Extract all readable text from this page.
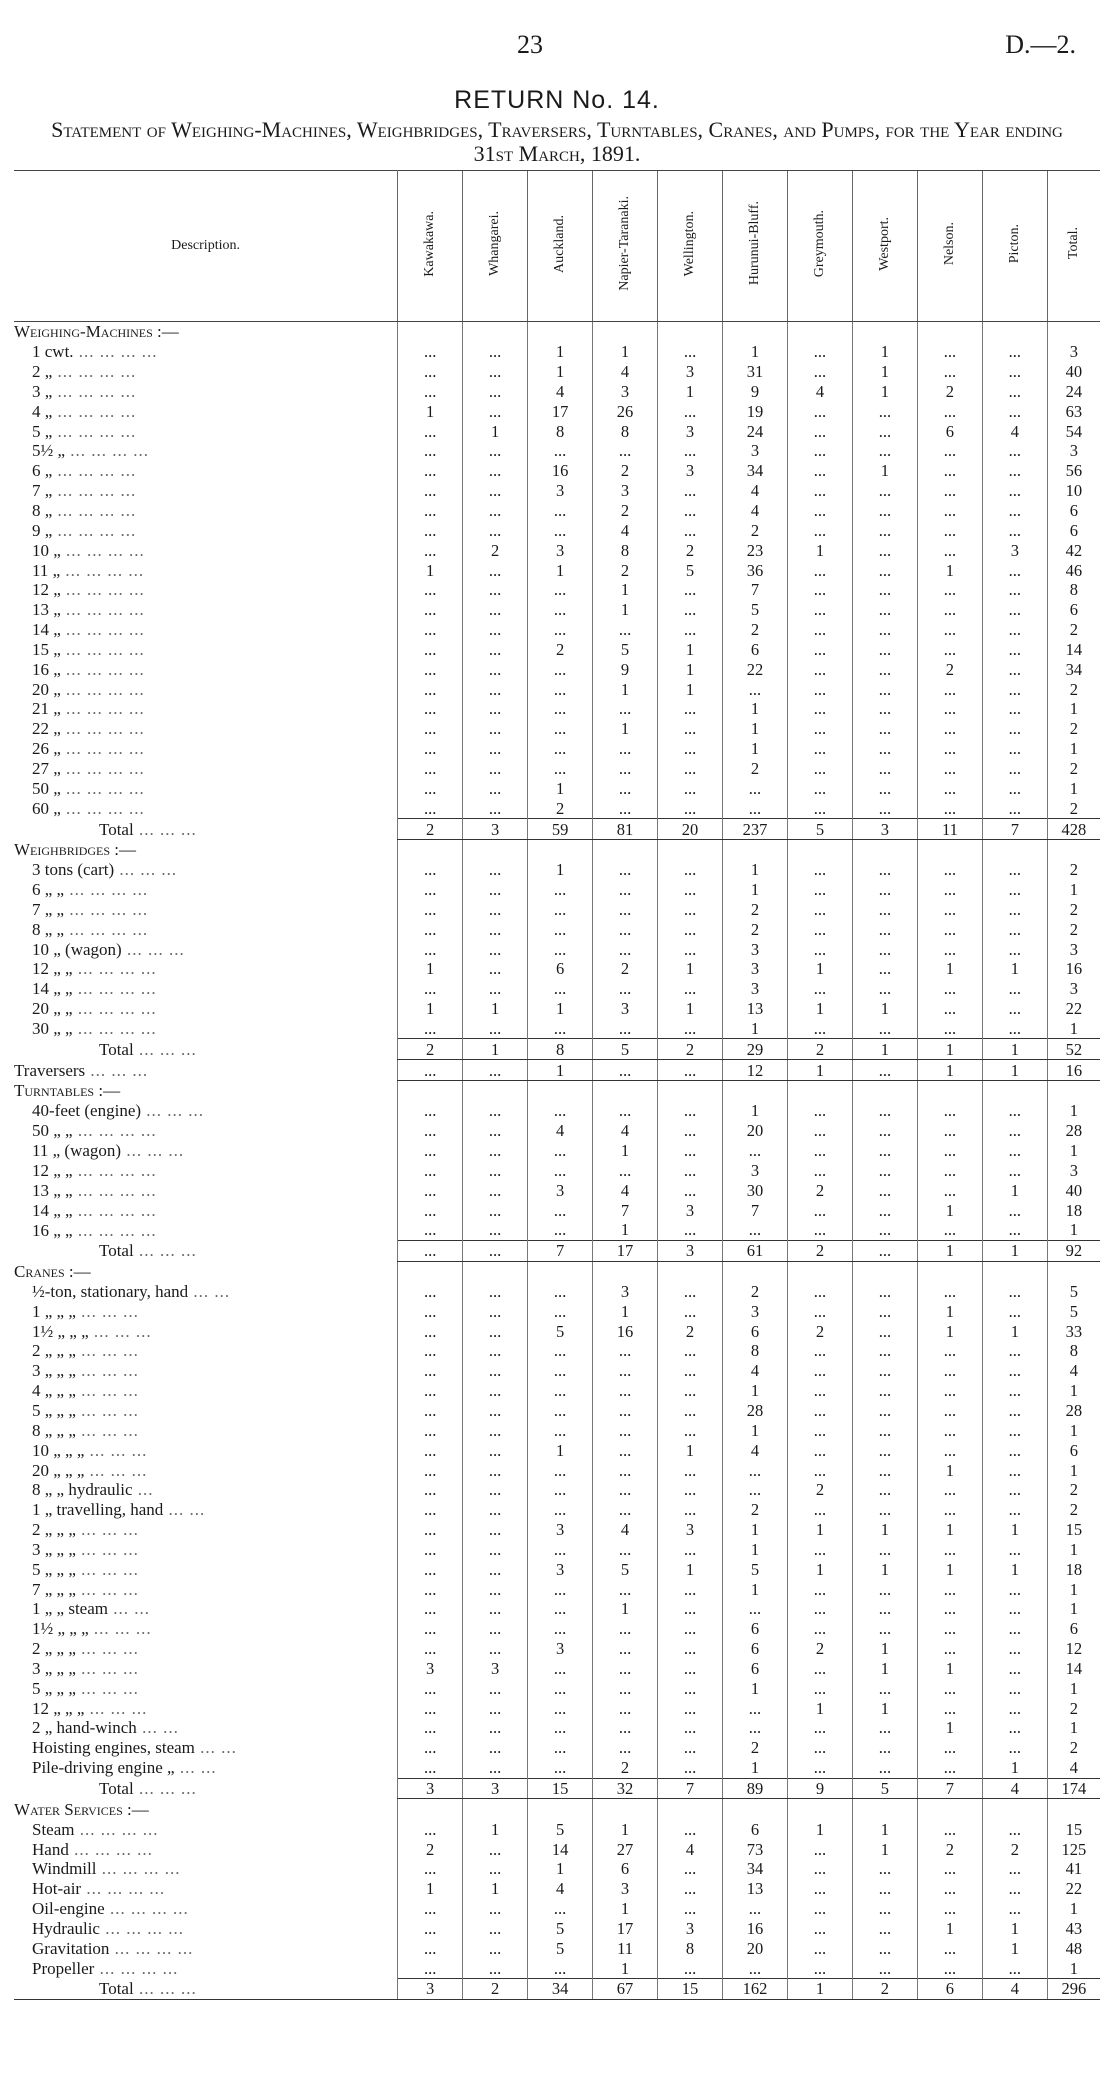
23	D.—2.
RETURN No. 14.
Statement of Weighing-Machines, Weighbridges, Traversers, Turntables, Cranes, and Pumps, for the Year ending 31st March, 1891.
Description.	Kawakawa.	Whangarei.	Auckland.	Napier-Taranaki.	Wellington.	Hurunui-Bluff.	Greymouth.	Westport.	Nelson.	Picton.	Total.
Weighing-Machines :—											
1 cwt. ... ... ... ...	...	...	1	1	...	1	...	1	...	...	3
2 „ ... ... ... ...	...	...	1	4	3	31	...	1	...	...	40
3 „ ... ... ... ...	...	...	4	3	1	9	4	1	2	...	24
4 „ ... ... ... ...	1	...	17	26	...	19	...	...	...	...	63
5 „ ... ... ... ...	...	1	8	8	3	24	...	...	6	4	54
5½ „ ... ... ... ...	...	...	...	...	...	3	...	...	...	...	3
6 „ ... ... ... ...	...	...	16	2	3	34	...	1	...	...	56
7 „ ... ... ... ...	...	...	3	3	...	4	...	...	...	...	10
8 „ ... ... ... ...	...	...	...	2	...	4	...	...	...	...	6
9 „ ... ... ... ...	...	...	...	4	...	2	...	...	...	...	6
10 „ ... ... ... ...	...	2	3	8	2	23	1	...	...	3	42
11 „ ... ... ... ...	1	...	1	2	5	36	...	...	1	...	46
12 „ ... ... ... ...	...	...	...	1	...	7	...	...	...	...	8
13 „ ... ... ... ...	...	...	...	1	...	5	...	...	...	...	6
14 „ ... ... ... ...	...	...	...	...	...	2	...	...	...	...	2
15 „ ... ... ... ...	...	...	2	5	1	6	...	...	...	...	14
16 „ ... ... ... ...	...	...	...	9	1	22	...	...	2	...	34
20 „ ... ... ... ...	...	...	...	1	1	...	...	...	...	...	2
21 „ ... ... ... ...	...	...	...	...	...	1	...	...	...	...	1
22 „ ... ... ... ...	...	...	...	1	...	1	...	...	...	...	2
26 „ ... ... ... ...	...	...	...	...	...	1	...	...	...	...	1
27 „ ... ... ... ...	...	...	...	...	...	2	...	...	...	...	2
50 „ ... ... ... ...	...	...	1	...	...	...	...	...	...	...	1
60 „ ... ... ... ...	...	...	2	...	...	...	...	...	...	...	2
Total ... ... ...	2	3	59	81	20	237	5	3	11	7	428
Weighbridges :—											
3 tons (cart) ... ... ...	...	...	1	...	...	1	...	...	...	...	2
6 „ „ ... ... ... ...	...	...	...	...	...	1	...	...	...	...	1
7 „ „ ... ... ... ...	...	...	...	...	...	2	...	...	...	...	2
8 „ „ ... ... ... ...	...	...	...	...	...	2	...	...	...	...	2
10 „ (wagon) ... ... ...	...	...	...	...	...	3	...	...	...	...	3
12 „ „ ... ... ... ...	1	...	6	2	1	3	1	...	1	1	16
14 „ „ ... ... ... ...	...	...	...	...	...	3	...	...	...	...	3
20 „ „ ... ... ... ...	1	1	1	3	1	13	1	1	...	...	22
30 „ „ ... ... ... ...	...	...	...	...	...	1	...	...	...	...	1
Total ... ... ...	2	1	8	5	2	29	2	1	1	1	52
Traversers ... ... ...	...	...	1	...	...	12	1	...	1	1	16
Turntables :—											
40-feet (engine) ... ... ...	...	...	...	...	...	1	...	...	...	...	1
50 „ „ ... ... ... ...	...	...	4	4	...	20	...	...	...	...	28
11 „ (wagon) ... ... ...	...	...	...	1	...	...	...	...	...	...	1
12 „ „ ... ... ... ...	...	...	...	...	...	3	...	...	...	...	3
13 „ „ ... ... ... ...	...	...	3	4	...	30	2	...	...	1	40
14 „ „ ... ... ... ...	...	...	...	7	3	7	...	...	1	...	18
16 „ „ ... ... ... ...	...	...	...	1	...	...	...	...	...	...	1
Total ... ... ...	...	...	7	17	3	61	2	...	1	1	92
Cranes :—											
½-ton, stationary, hand ... ...	...	...	...	3	...	2	...	...	...	...	5
1 „ „ „ ... ... ...	...	...	...	1	...	3	...	...	1	...	5
1½ „ „ „ ... ... ...	...	...	5	16	2	6	2	...	1	1	33
2 „ „ „ ... ... ...	...	...	...	...	...	8	...	...	...	...	8
3 „ „ „ ... ... ...	...	...	...	...	...	4	...	...	...	...	4
4 „ „ „ ... ... ...	...	...	...	...	...	1	...	...	...	...	1
5 „ „ „ ... ... ...	...	...	...	...	...	28	...	...	...	...	28
8 „ „ „ ... ... ...	...	...	...	...	...	1	...	...	...	...	1
10 „ „ „ ... ... ...	...	...	1	...	1	4	...	...	...	...	6
20 „ „ „ ... ... ...	...	...	...	...	...	...	...	...	1	...	1
8 „ „ hydraulic ...	...	...	...	...	...	...	2	...	...	...	2
1 „ travelling, hand ... ...	...	...	...	...	...	2	...	...	...	...	2
2 „ „ „ ... ... ...	...	...	3	4	3	1	1	1	1	1	15
3 „ „ „ ... ... ...	...	...	...	...	...	1	...	...	...	...	1
5 „ „ „ ... ... ...	...	...	3	5	1	5	1	1	1	1	18
7 „ „ „ ... ... ...	...	...	...	...	...	1	...	...	...	...	1
1 „ „ steam ... ...	...	...	...	1	...	...	...	...	...	...	1
1½ „ „ „ ... ... ...	...	...	...	...	...	6	...	...	...	...	6
2 „ „ „ ... ... ...	...	...	3	...	...	6	2	1	...	...	12
3 „ „ „ ... ... ...	3	3	...	...	...	6	...	1	1	...	14
5 „ „ „ ... ... ...	...	...	...	...	...	1	...	...	...	...	1
12 „ „ „ ... ... ...	...	...	...	...	...	...	1	1	...	...	2
2 „ hand-winch ... ...	...	...	...	...	...	...	...	...	1	...	1
Hoisting engines, steam ... ...	...	...	...	...	...	2	...	...	...	...	2
Pile-driving engine „ ... ...	...	...	...	2	...	1	...	...	...	1	4
Total ... ... ...	3	3	15	32	7	89	9	5	7	4	174
Water Services :—											
Steam ... ... ... ...	...	1	5	1	...	6	1	1	...	...	15
Hand ... ... ... ...	2	...	14	27	4	73	...	1	2	2	125
Windmill ... ... ... ...	...	...	1	6	...	34	...	...	...	...	41
Hot-air ... ... ... ...	1	1	4	3	...	13	...	...	...	...	22
Oil-engine ... ... ... ...	...	...	...	1	...	...	...	...	...	...	1
Hydraulic ... ... ... ...	...	...	5	17	3	16	...	...	1	1	43
Gravitation ... ... ... ...	...	...	5	11	8	20	...	...	...	1	48
Propeller ... ... ... ...	...	...	...	1	...	...	...	...	...	...	1
Total ... ... ...	3	2	34	67	15	162	1	2	6	4	296
